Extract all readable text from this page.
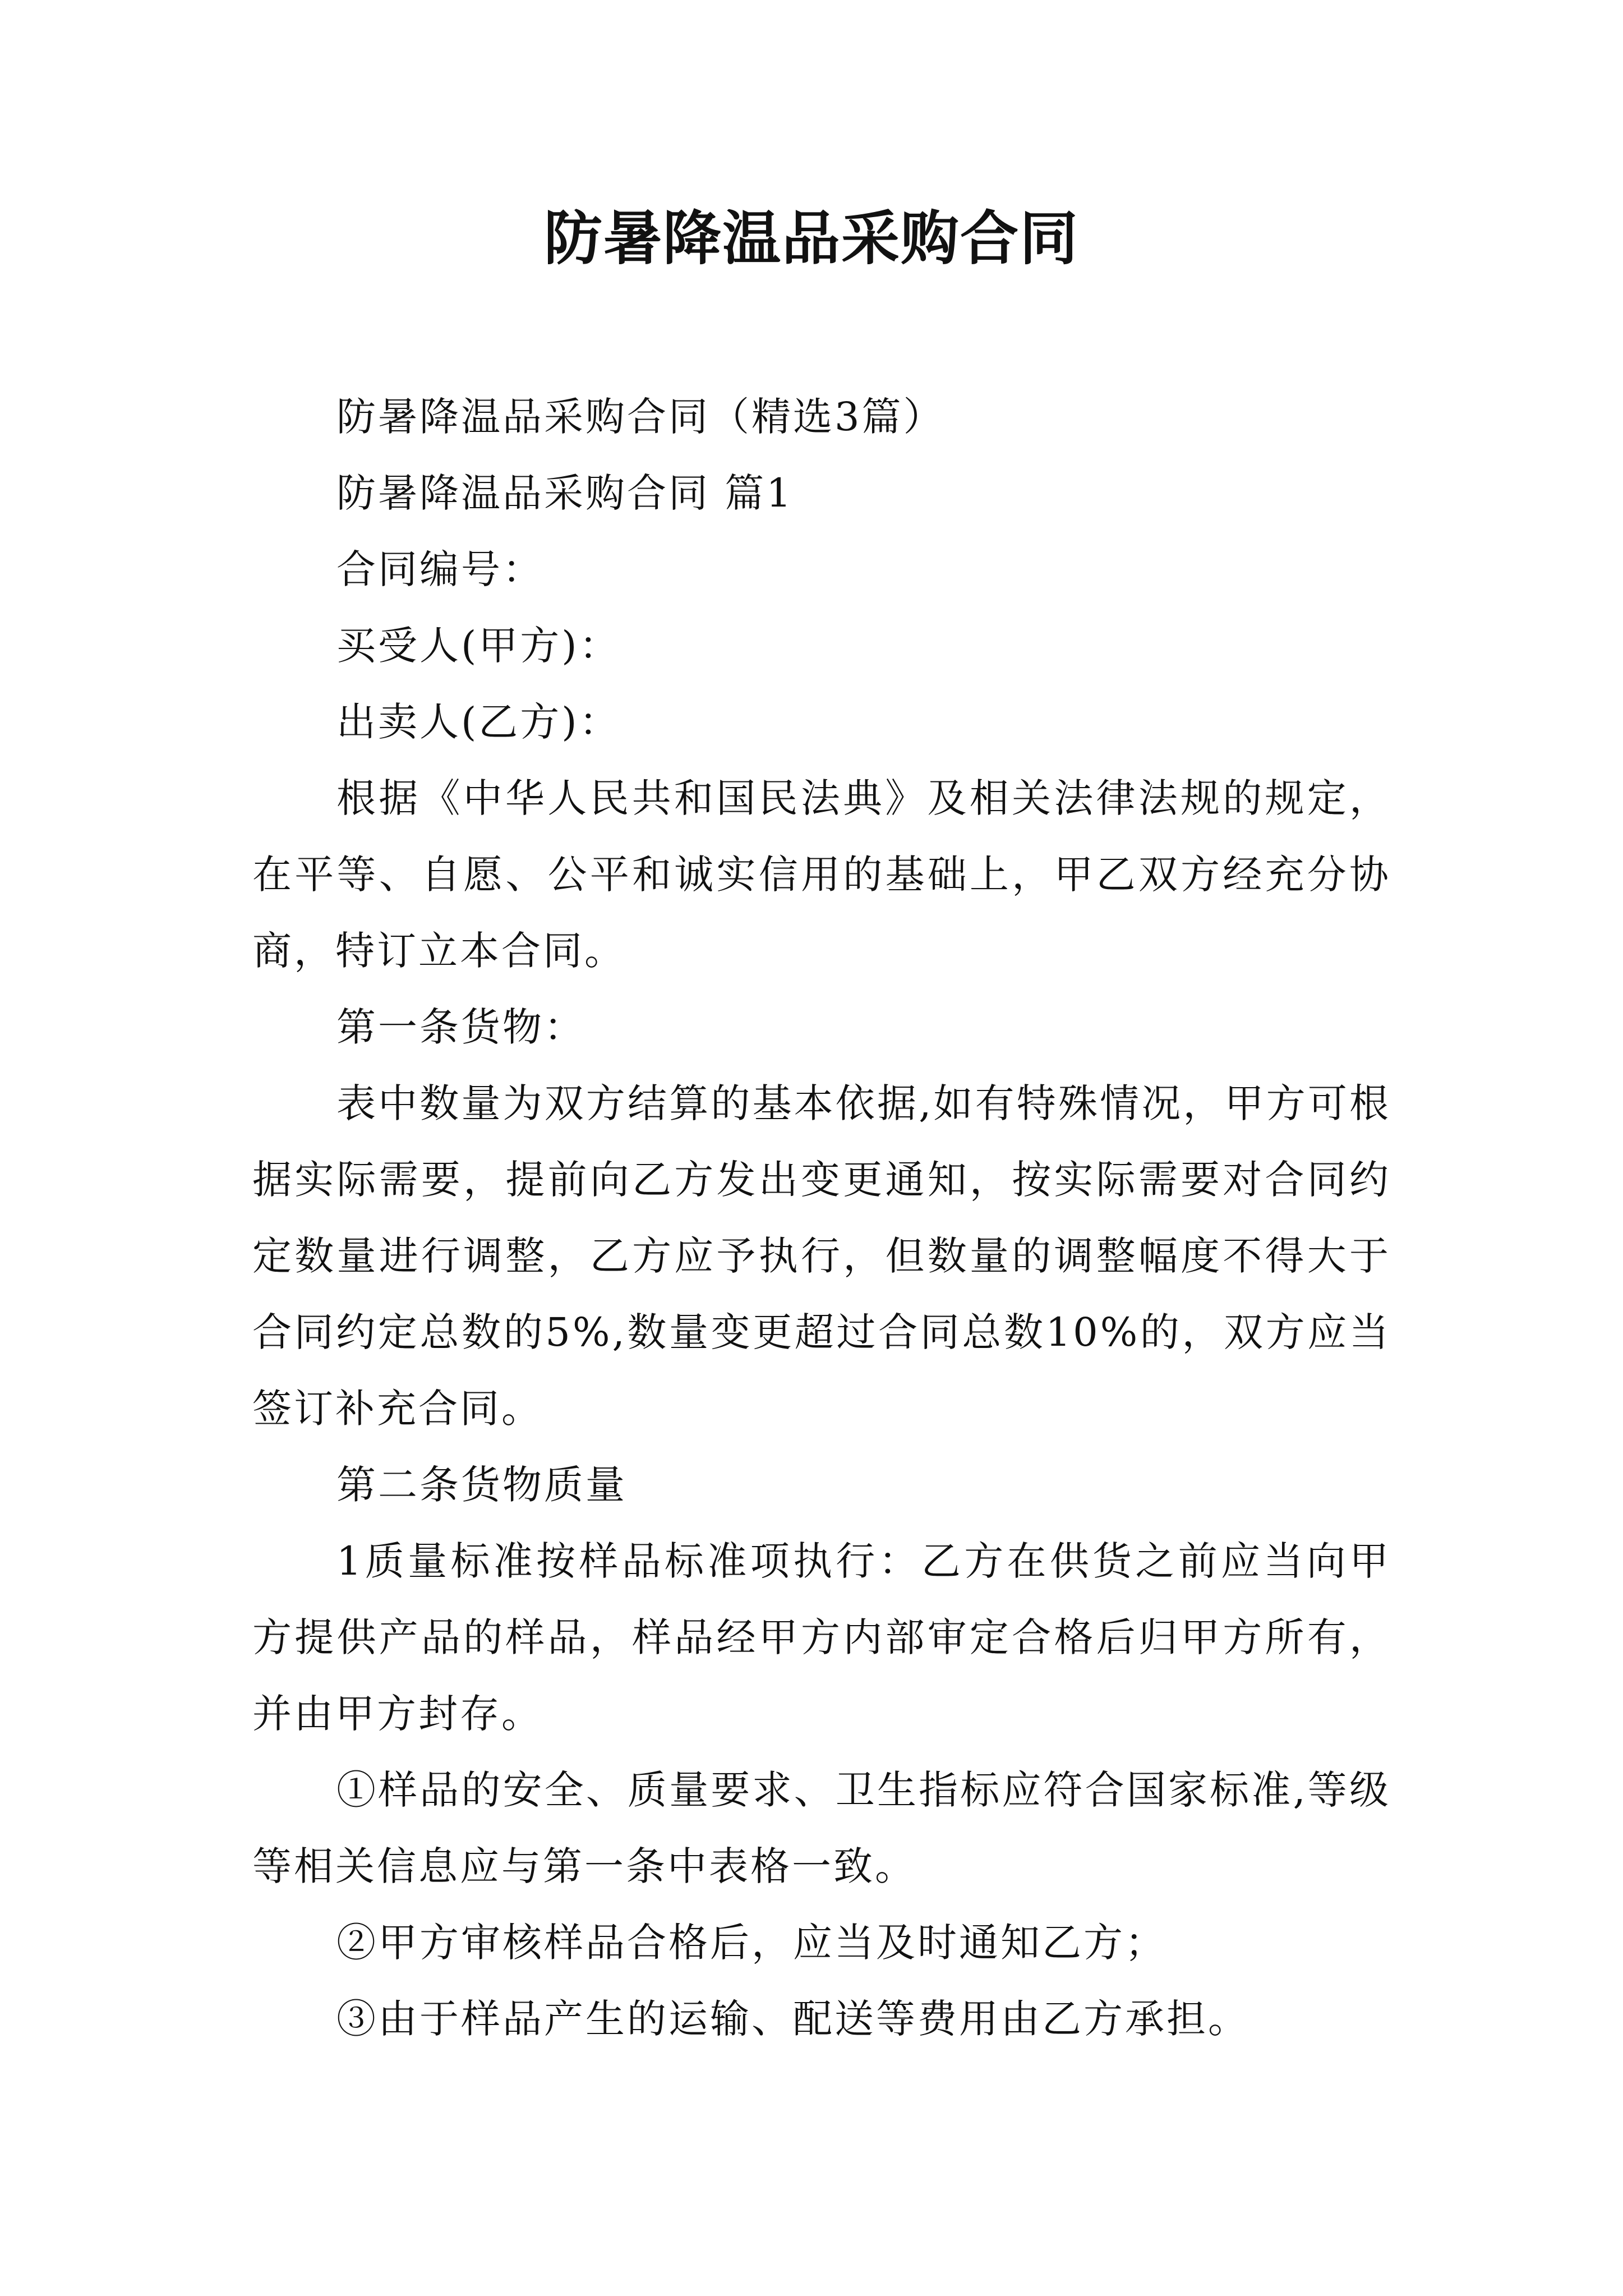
防暑降温品采购合同

防暑降温品采购合同（精选3篇）

防暑降温品采购合同 篇1

合同编号：

买受人(甲方)：

出卖人(乙方)：

根据《中华人民共和国民法典》及相关法律法规的规定，在平等、自愿、公平和诚实信用的基础上，甲乙双方经充分协商，特订立本合同。

第一条货物：

表中数量为双方结算的基本依据,如有特殊情况，甲方可根据实际需要，提前向乙方发出变更通知，按实际需要对合同约定数量进行调整，乙方应予执行，但数量的调整幅度不得大于合同约定总数的5%,数量变更超过合同总数10%的，双方应当签订补充合同。

第二条货物质量

1质量标准按样品标准项执行：乙方在供货之前应当向甲方提供产品的样品，样品经甲方内部审定合格后归甲方所有，并由甲方封存。

①样品的安全、质量要求、卫生指标应符合国家标准,等级等相关信息应与第一条中表格一致。

②甲方审核样品合格后，应当及时通知乙方；

③由于样品产生的运输、配送等费用由乙方承担。
